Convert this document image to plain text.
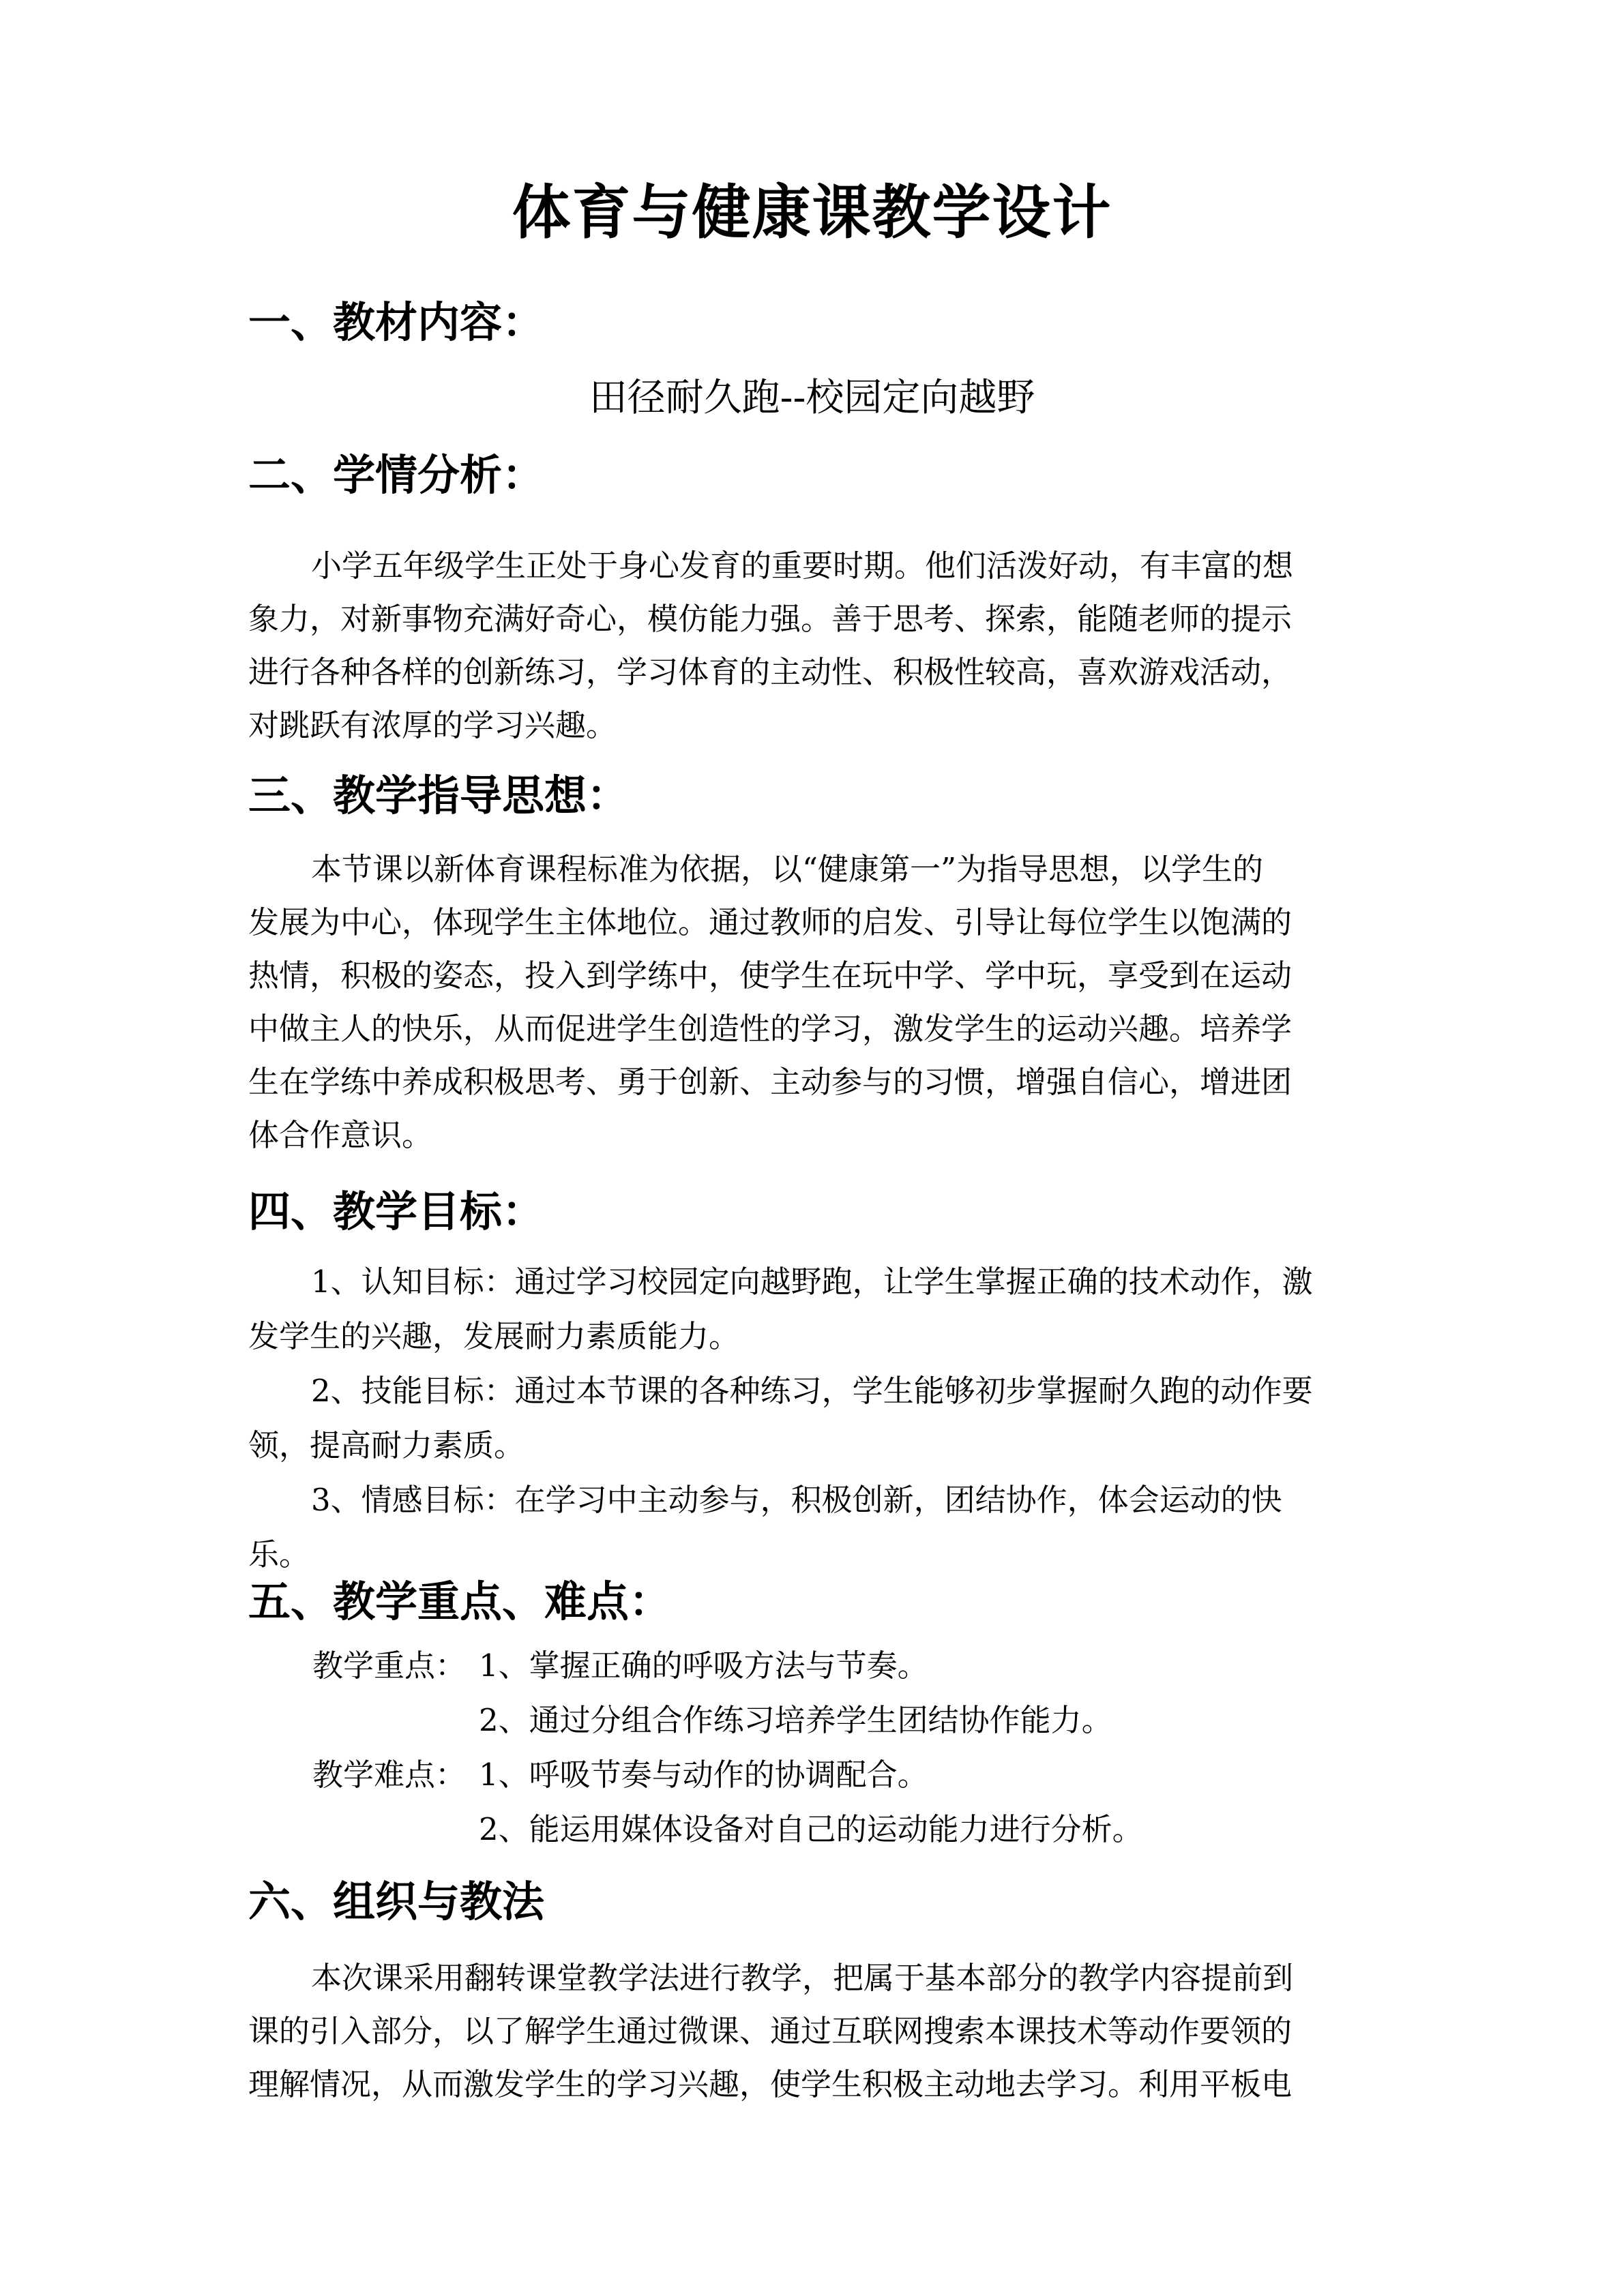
体育与健康课教学设计
一、教材内容：
田径耐久跑--校园定向越野
二、学情分析：
小学五年级学生正处于身心发育的重要时期。他们活泼好动，有丰富的想
象力，对新事物充满好奇心，模仿能力强。善于思考、探索，能随老师的提示
进行各种各样的创新练习，学习体育的主动性、积极性较高，喜欢游戏活动，
对跳跃有浓厚的学习兴趣。
三、教学指导思想：
本节课以新体育课程标准为依据，以“健康第一”为指导思想，以学生的
发展为中心，体现学生主体地位。通过教师的启发、引导让每位学生以饱满的
热情，积极的姿态，投入到学练中，使学生在玩中学、学中玩，享受到在运动
中做主人的快乐，从而促进学生创造性的学习，激发学生的运动兴趣。培养学
生在学练中养成积极思考、勇于创新、主动参与的习惯，增强自信心，增进团
体合作意识。
四、教学目标：
1、认知目标：通过学习校园定向越野跑，让学生掌握正确的技术动作，激
发学生的兴趣，发展耐力素质能力。
2、技能目标：通过本节课的各种练习，学生能够初步掌握耐久跑的动作要
领，提高耐力素质。
3、情感目标：在学习中主动参与，积极创新，团结协作，体会运动的快
乐。
五、教学重点、难点：
教学重点： 1、掌握正确的呼吸方法与节奏。
2、通过分组合作练习培养学生团结协作能力。
教学难点： 1、呼吸节奏与动作的协调配合。
2、能运用媒体设备对自己的运动能力进行分析。
六、组织与教法
本次课采用翻转课堂教学法进行教学，把属于基本部分的教学内容提前到
课的引入部分，以了解学生通过微课、通过互联网搜索本课技术等动作要领的
理解情况，从而激发学生的学习兴趣，使学生积极主动地去学习。利用平板电
